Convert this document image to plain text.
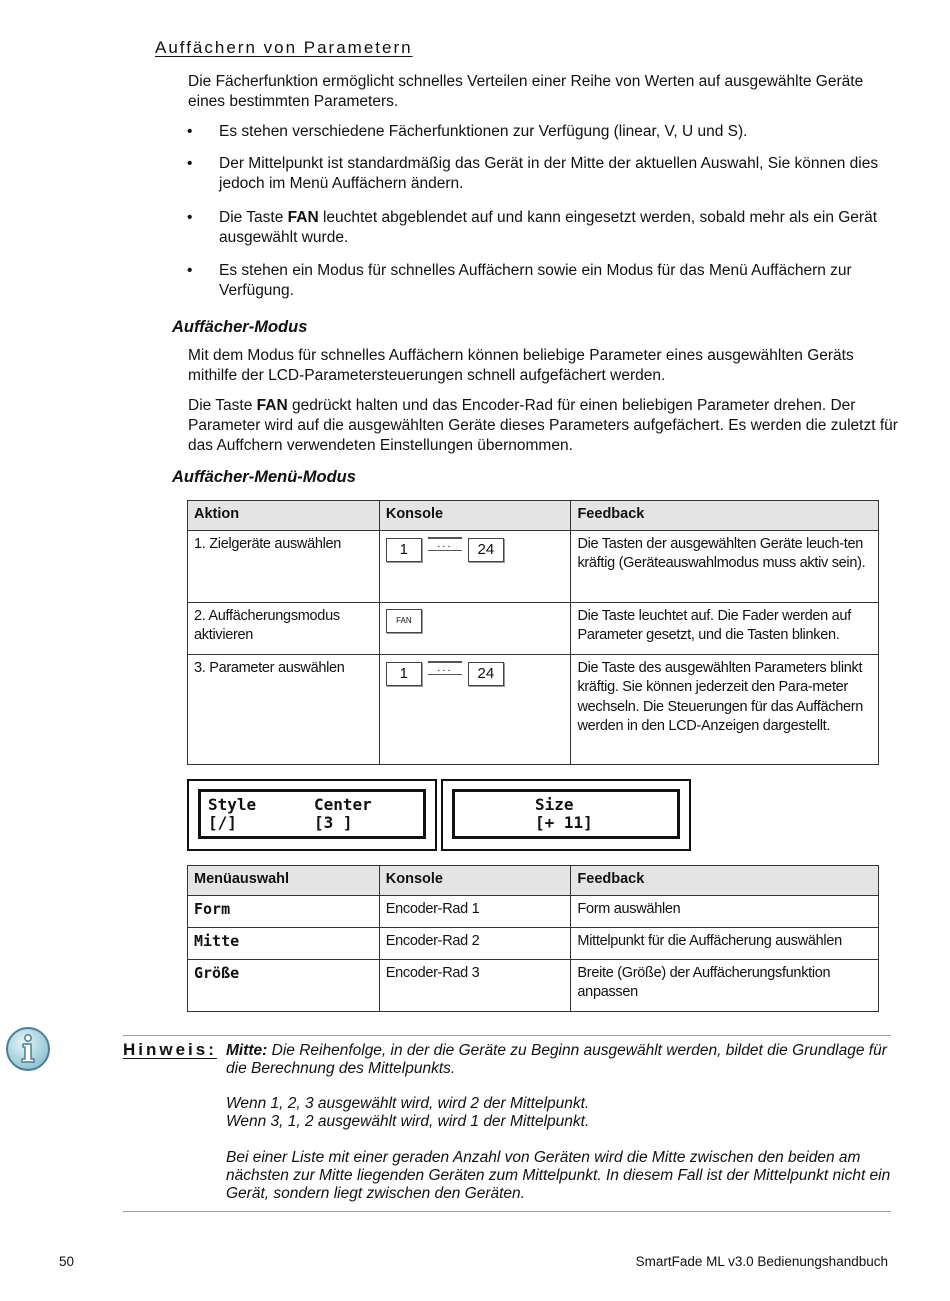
Auffächern von Parametern
Die Fächerfunktion ermöglicht schnelles Verteilen einer Reihe von Werten auf ausgewählte Geräte eines bestimmten Parameters.
• Es stehen verschiedene Fächerfunktionen zur Verfügung (linear, V, U und S).
• Der Mittelpunkt ist standardmäßig das Gerät in der Mitte der aktuellen Auswahl, Sie können dies jedoch im Menü Auffächern ändern.
• Die Taste FAN leuchtet abgeblendet auf und kann eingesetzt werden, sobald mehr als ein Gerät ausgewählt wurde.
• Es stehen ein Modus für schnelles Auffächern sowie ein Modus für das Menü Auffächern zur Verfügung.
Auffächer-Modus
Mit dem Modus für schnelles Auffächern können beliebige Parameter eines ausgewählten Geräts mithilfe der LCD-Parametersteuerungen schnell aufgefächert werden.
Die Taste FAN gedrückt halten und das Encoder-Rad für einen beliebigen Parameter drehen. Der Parameter wird auf die ausgewählten Geräte dieses Parameters aufgefächert. Es werden die zuletzt für das Auffchern verwendeten Einstellungen übernommen.
Auffächer-Menü-Modus
Aktion	Konsole	Feedback
1. Zielgeräte auswählen	1 ... 24	Die Tasten der ausgewählten Geräte leuch-ten kräftig (Geräteauswahlmodus muss aktiv sein).
2. Auffächerungsmodus aktivieren	FAN	Die Taste leuchtet auf. Die Fader werden auf Parameter gesetzt, und die Tasten blinken.
3. Parameter auswählen	1 ... 24	Die Taste des ausgewählten Parameters blinkt kräftig. Sie können jederzeit den Para-meter wechseln. Die Steuerungen für das Auffächern werden in den LCD-Anzeigen dargestellt.

Style      Center

[/]        [3 ]

Size

[+ 11]

Menüauswahl	Konsole	Feedback
Form	Encoder-Rad 1	Form auswählen
Mitte	Encoder-Rad 2	Mittelpunkt für die Auffächerung auswählen
Größe	Encoder-Rad 3	Breite (Größe) der Auffächerungsfunktion anpassen
Hinweis: Mitte: Die Reihenfolge, in der die Geräte zu Beginn ausgewählt werden, bildet die Grundlage für die Berechnung des Mittelpunkts.
Wenn 1, 2, 3 ausgewählt wird, wird 2 der Mittelpunkt.
Wenn 3, 1, 2 ausgewählt wird, wird 1 der Mittelpunkt.
Bei einer Liste mit einer geraden Anzahl von Geräten wird die Mitte zwischen den beiden am nächsten zur Mitte liegenden Geräten zum Mittelpunkt. In diesem Fall ist der Mittelpunkt nicht ein Gerät, sondern liegt zwischen den Geräten.
50	SmartFade ML v3.0 Bedienungshandbuch
